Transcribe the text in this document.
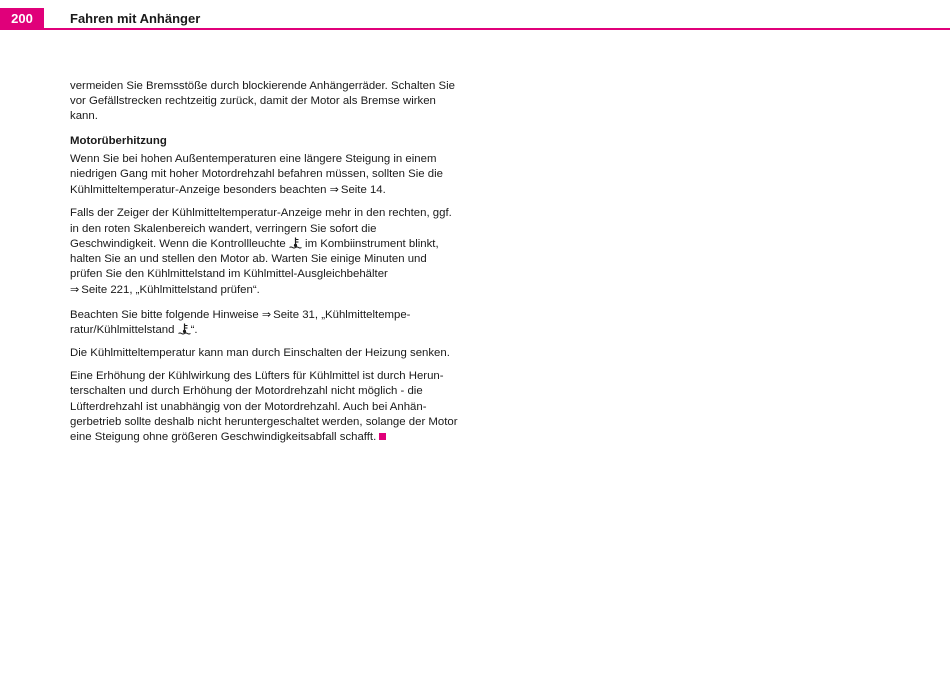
200	Fahren mit Anhänger

vermeiden Sie Bremsstöße durch blockierende Anhängerräder. Schalten Sie vor Gefällstrecken rechtzeitig zurück, damit der Motor als Bremse wirken kann.

Motorüberhitzung

Wenn Sie bei hohen Außentemperaturen eine längere Steigung in einem niedrigen Gang mit hoher Motordrehzahl befahren müssen, sollten Sie die Kühlmitteltemperatur-Anzeige besonders beachten ⇒ Seite 14.

Falls der Zeiger der Kühlmitteltemperatur-Anzeige mehr in den rechten, ggf. in den roten Skalenbereich wandert, verringern Sie sofort die Geschwindigkeit. Wenn die Kontrollleuchte im Kombiinstrument blinkt, halten Sie an und stellen den Motor ab. Warten Sie einige Minuten und prüfen Sie den Kühlmittelstand im Kühlmittel-Ausgleichbehälter
⇒ Seite 221, „Kühlmittelstand prüfen“.

Beachten Sie bitte folgende Hinweise ⇒ Seite 31, „Kühlmitteltempe-ratur/Kühlmittelstand “.

Die Kühlmitteltemperatur kann man durch Einschalten der Heizung senken.

Eine Erhöhung der Kühlwirkung des Lüfters für Kühlmittel ist durch Herun-terschalten und durch Erhöhung der Motordrehzahl nicht möglich - die Lüfterdrehzahl ist unabhängig von der Motordrehzahl. Auch bei Anhän-gerbetrieb sollte deshalb nicht heruntergeschaltet werden, solange der Motor eine Steigung ohne größeren Geschwindigkeitsabfall schafft.
